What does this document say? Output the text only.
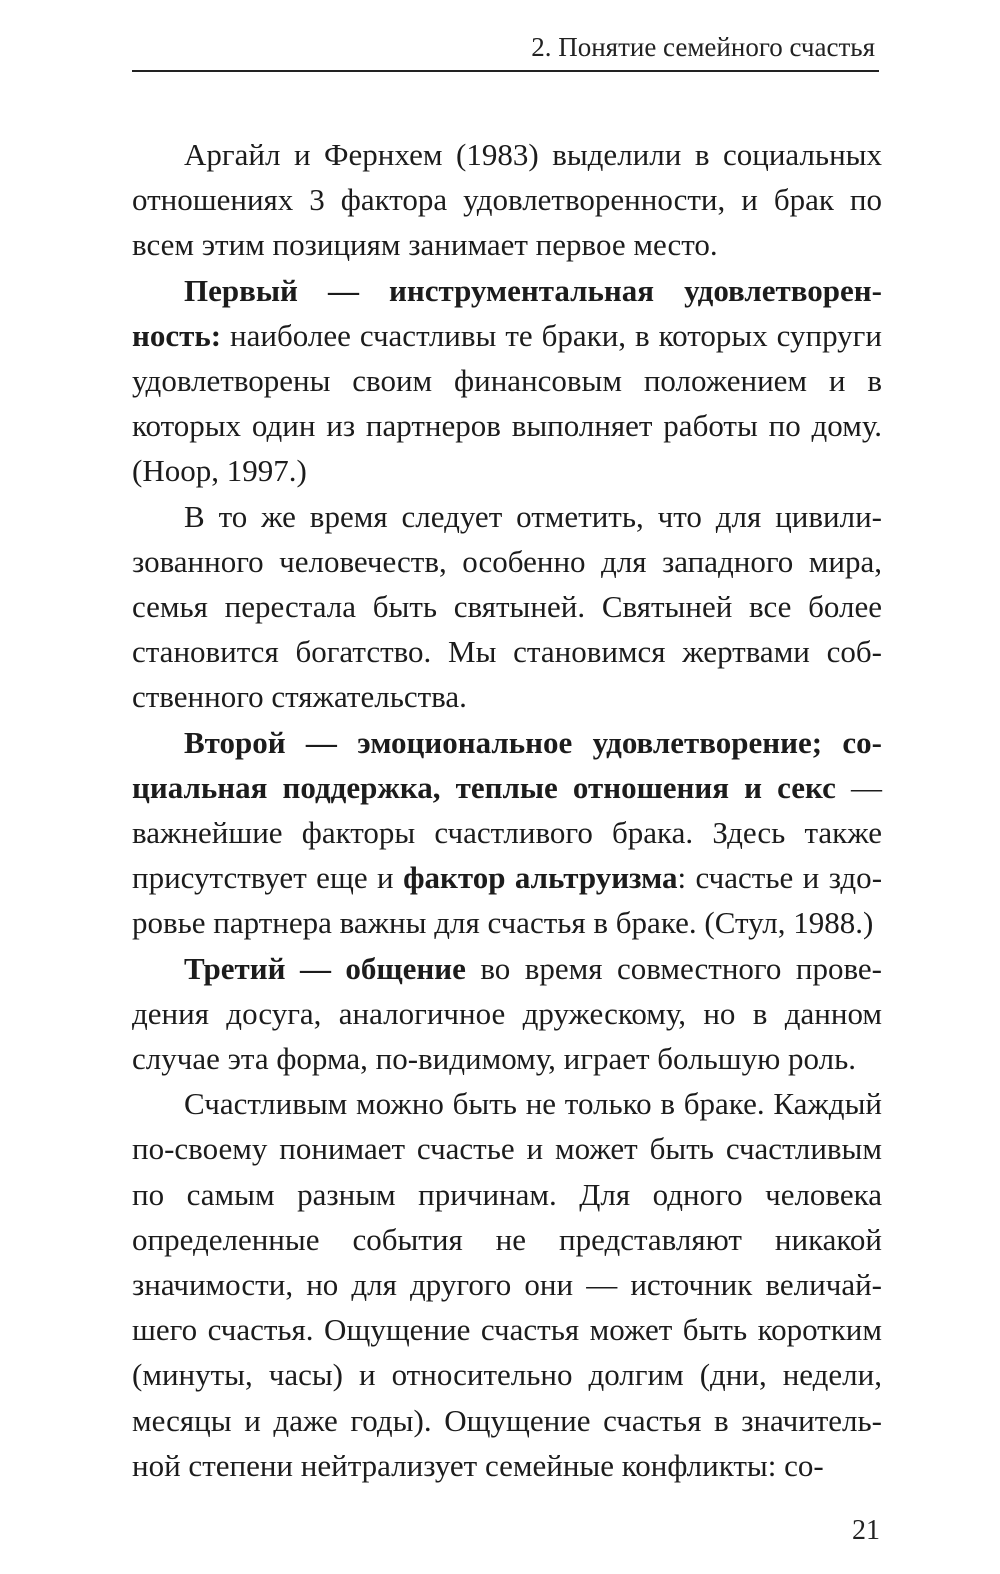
2. Понятие семейного счастья

Аргайл и Фернхем (1983) выделили в социальных отношениях 3 фактора удовлетворенности, и брак по всем этим позициям занимает первое место.

Первый — инструментальная удовлетворенность: наиболее счастливы те браки, в которых супруги удовлетворены своим финансовым положением и в которых один из партнеров выполняет работы по дому. (Ноор, 1997.)

В то же время следует отметить, что для цивилизованного человечеств, особенно для западного мира, семья перестала быть святыней. Святыней все более становится богатство. Мы становимся жертвами собственного стяжательства.

Второй — эмоциональное удовлетворение; социальная поддержка, теплые отношения и секс — важнейшие факторы счастливого брака. Здесь также присутствует еще и фактор альтруизма: счастье и здоровье партнера важны для счастья в браке. (Стул, 1988.)

Третий — общение во время совместного проведения досуга, аналогичное дружескому, но в данном случае эта форма, по-видимому, играет большую роль.

Счастливым можно быть не только в браке. Каждый по-своему понимает счастье и может быть счастливым по самым разным причинам. Для одного человека определенные события не представляют никакой значимости, но для другого они — источник величайшего счастья. Ощущение счастья может быть коротким (минуты, часы) и относительно долгим (дни, недели, месяцы и даже годы). Ощущение счастья в значительной степени нейтрализует семейные конфликты: со-

21
